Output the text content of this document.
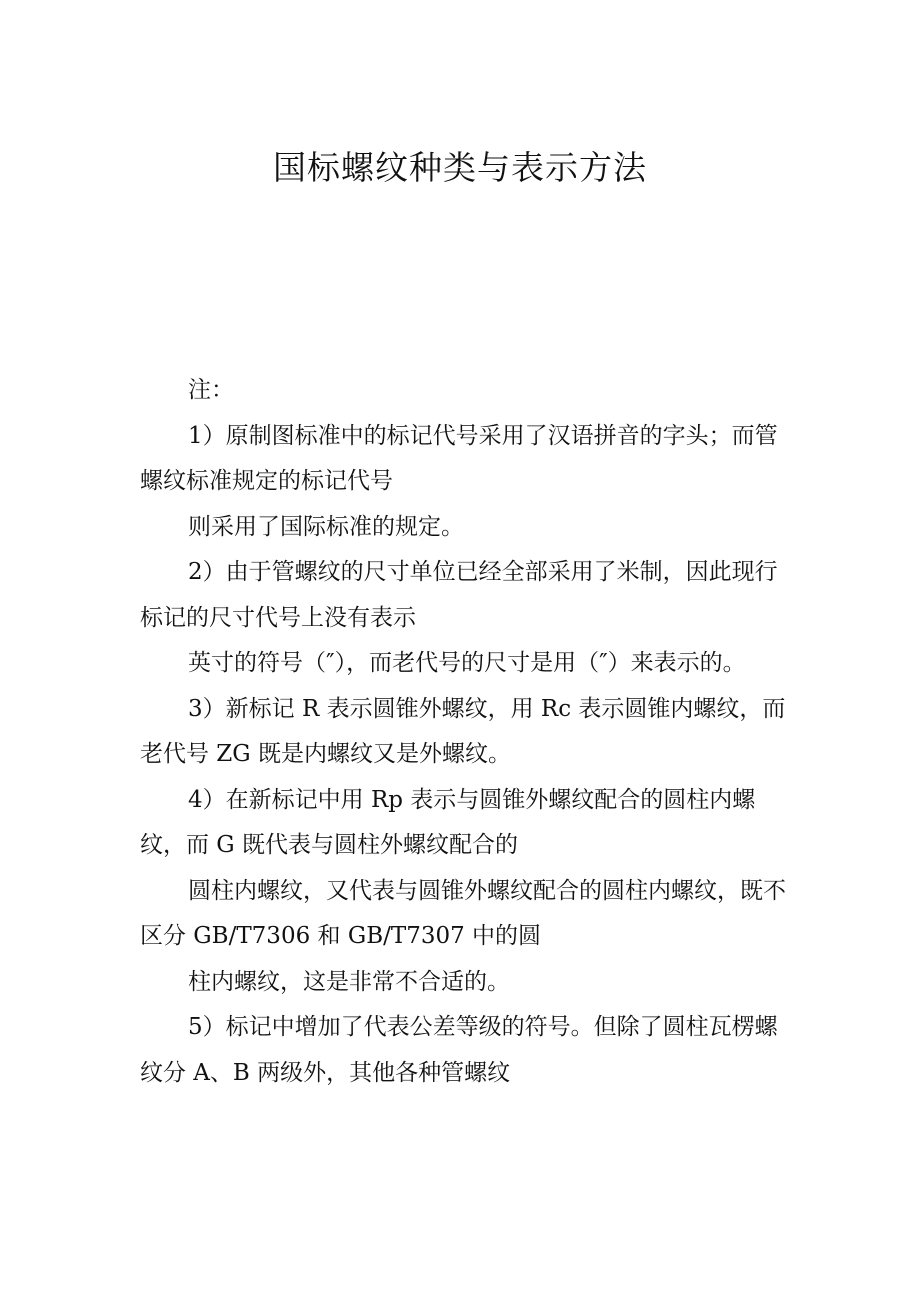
国标螺纹种类与表示方法

注：

1）原制图标准中的标记代号采用了汉语拼音的字头；而管螺纹标准规定的标记代号

则采用了国际标准的规定。

2）由于管螺纹的尺寸单位已经全部采用了米制，因此现行标记的尺寸代号上没有表示

英寸的符号（″），而老代号的尺寸是用（″）来表示的。

3）新标记 R 表示圆锥外螺纹，用 Rc 表示圆锥内螺纹，而老代号 ZG 既是内螺纹又是外螺纹。

4）在新标记中用 Rp 表示与圆锥外螺纹配合的圆柱内螺纹，而 G 既代表与圆柱外螺纹配合的

圆柱内螺纹，又代表与圆锥外螺纹配合的圆柱内螺纹，既不区分 GB/T7306 和 GB/T7307 中的圆

柱内螺纹，这是非常不合适的。

5）标记中增加了代表公差等级的符号。但除了圆柱瓦楞螺纹分 A、B 两级外，其他各种管螺纹
